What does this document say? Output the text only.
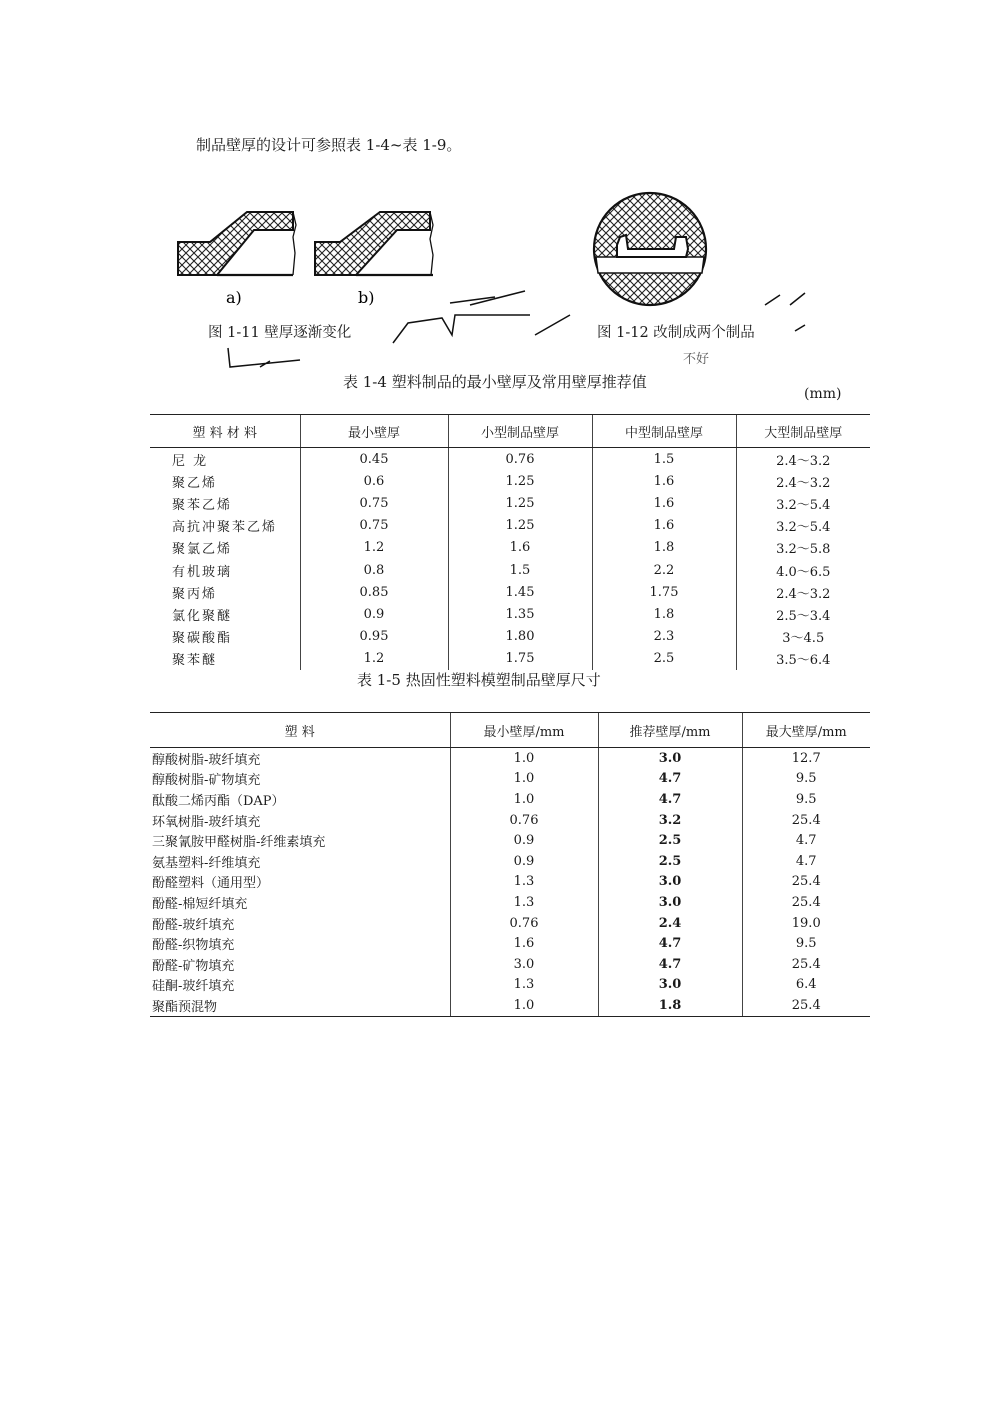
制品壁厚的设计可参照表 1-4~表 1-9。
a)	b)
图 1-11 壁厚逐渐变化	图 1-12 改制成两个制品
不好
表 1-4 塑料制品的最小壁厚及常用壁厚推荐值
(mm)
塑 料 材 料	最小壁厚	小型制品壁厚	中型制品壁厚	大型制品壁厚
尼 龙	0.45	0.76	1.5	2.4～3.2
聚乙烯	0.6	1.25	1.6	2.4～3.2
聚苯乙烯	0.75	1.25	1.6	3.2～5.4
高抗冲聚苯乙烯	0.75	1.25	1.6	3.2～5.4
聚氯乙烯	1.2	1.6	1.8	3.2～5.8
有机玻璃	0.8	1.5	2.2	4.0～6.5
聚丙烯	0.85	1.45	1.75	2.4～3.2
氯化聚醚	0.9	1.35	1.8	2.5～3.4
聚碳酸酯	0.95	1.80	2.3	3～4.5
聚苯醚	1.2	1.75	2.5	3.5～6.4
表 1-5 热固性塑料模塑制品壁厚尺寸
塑 料	最小壁厚/mm	推荐壁厚/mm	最大壁厚/mm
醇酸树脂-玻纤填充	1.0	3.0	12.7
醇酸树脂-矿物填充	1.0	4.7	9.5
酞酸二烯丙酯（DAP）	1.0	4.7	9.5
环氧树脂-玻纤填充	0.76	3.2	25.4
三聚氰胺甲醛树脂-纤维素填充	0.9	2.5	4.7
氨基塑料-纤维填充	0.9	2.5	4.7
酚醛塑料（通用型）	1.3	3.0	25.4
酚醛-棉短纤填充	1.3	3.0	25.4
酚醛-玻纤填充	0.76	2.4	19.0
酚醛-织物填充	1.6	4.7	9.5
酚醛-矿物填充	3.0	4.7	25.4
硅酮-玻纤填充	1.3	3.0	6.4
聚酯预混物	1.0	1.8	25.4
